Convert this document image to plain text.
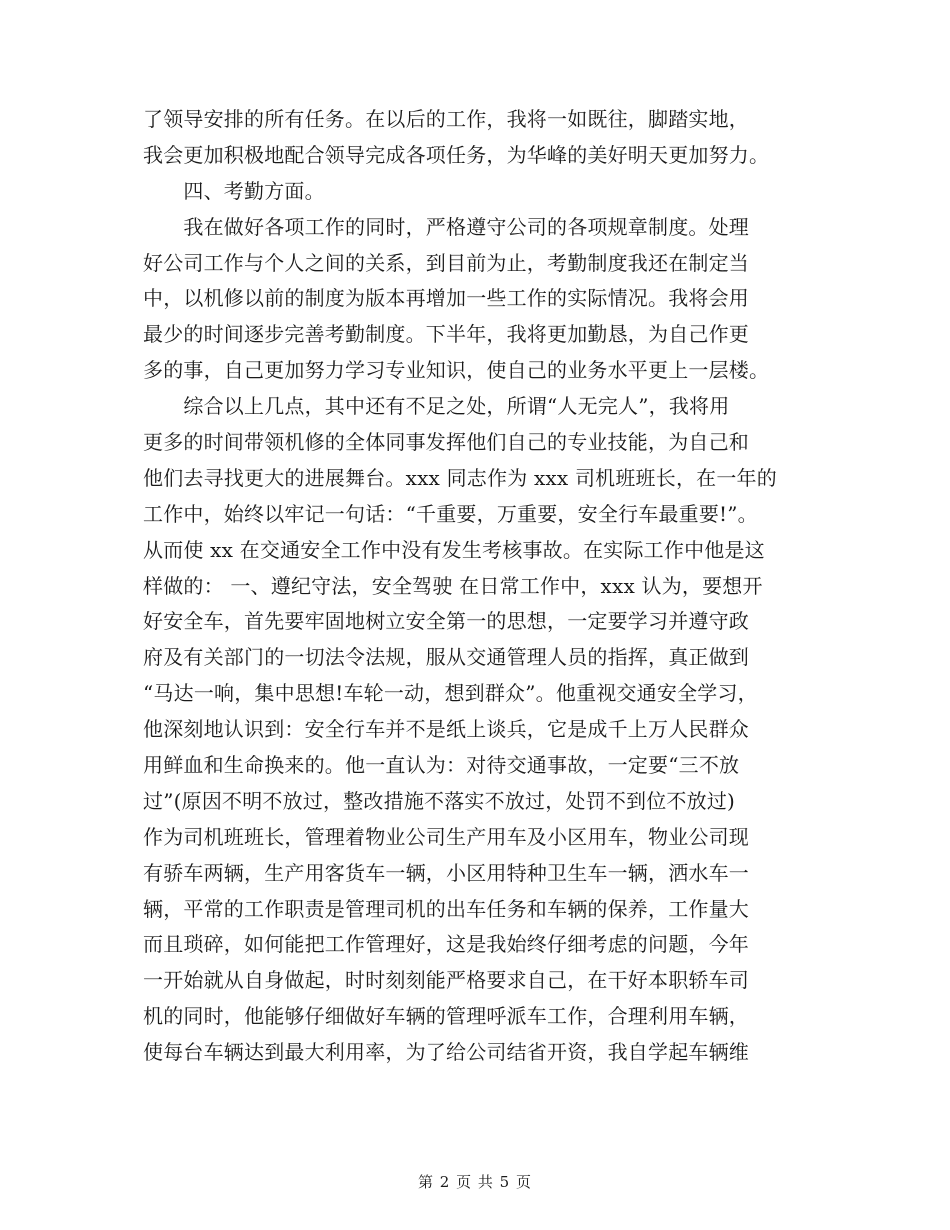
了领导安排的所有任务。在以后的工作，我将一如既往，脚踏实地，
我会更加积极地配合领导完成各项任务，为华峰的美好明天更加努力。
　　四、考勤方面。
　　我在做好各项工作的同时，严格遵守公司的各项规章制度。处理
好公司工作与个人之间的关系，到目前为止，考勤制度我还在制定当
中，以机修以前的制度为版本再增加一些工作的实际情况。我将会用
最少的时间逐步完善考勤制度。下半年，我将更加勤恳，为自己作更
多的事，自己更加努力学习专业知识，使自己的业务水平更上一层楼。
　　综合以上几点，其中还有不足之处，所谓“人无完人”，我将用
更多的时间带领机修的全体同事发挥他们自己的专业技能，为自己和
他们去寻找更大的进展舞台。xxx 同志作为 xxx 司机班班长，在一年的
工作中，始终以牢记一句话：“千重要，万重要，安全行车最重要!”。
从而使 xx 在交通安全工作中没有发生考核事故。在实际工作中他是这
样做的： 一、遵纪守法，安全驾驶 在日常工作中，xxx 认为，要想开
好安全车，首先要牢固地树立安全第一的思想，一定要学习并遵守政
府及有关部门的一切法令法规，服从交通管理人员的指挥，真正做到
“马达一响，集中思想!车轮一动，想到群众”。他重视交通安全学习，
他深刻地认识到：安全行车并不是纸上谈兵，它是成千上万人民群众
用鲜血和生命换来的。他一直认为：对待交通事故，一定要“三不放
过”(原因不明不放过，整改措施不落实不放过，处罚不到位不放过)
作为司机班班长，管理着物业公司生产用车及小区用车，物业公司现
有骄车两辆，生产用客货车一辆，小区用特种卫生车一辆，洒水车一
辆，平常的工作职责是管理司机的出车任务和车辆的保养，工作量大
而且琐碎，如何能把工作管理好，这是我始终仔细考虑的问题，今年
一开始就从自身做起，时时刻刻能严格要求自己，在干好本职轿车司
机的同时，他能够仔细做好车辆的管理呼派车工作，合理利用车辆，
使每台车辆达到最大利用率，为了给公司结省开资，我自学起车辆维
第 2 页 共 5 页
